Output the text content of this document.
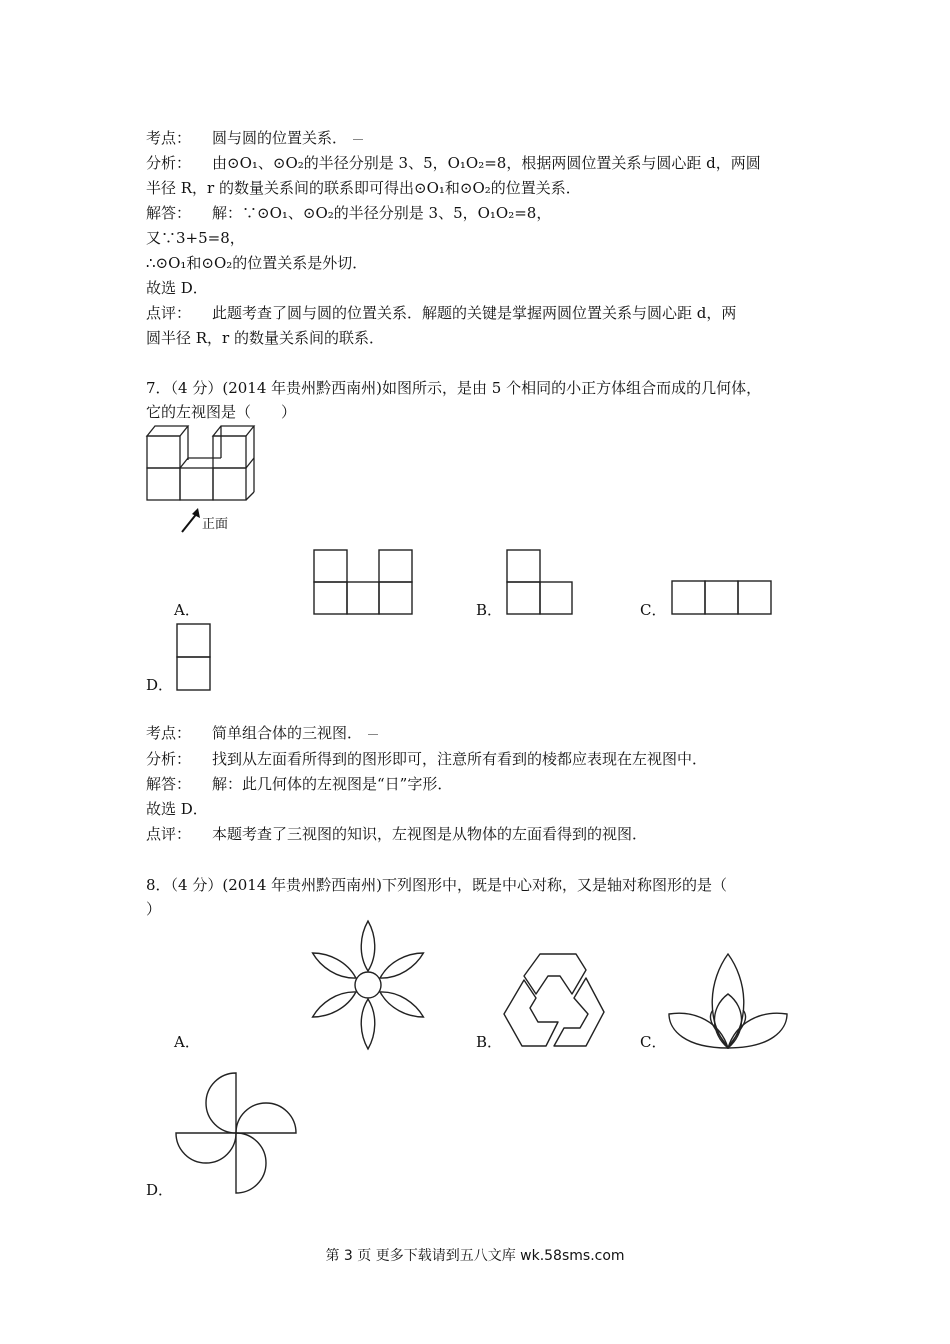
考点： 圆与圆的位置关系．
分析： 由⊙O₁、⊙O₂的半径分别是 3、5，O₁O₂=8，根据两圆位置关系与圆心距 d，两圆
半径 R，r 的数量关系间的联系即可得出⊙O₁和⊙O₂的位置关系．
解答： 解：∵⊙O₁、⊙O₂的半径分别是 3、5，O₁O₂=8，
又∵3+5=8，
∴⊙O₁和⊙O₂的位置关系是外切．
故选 D．
点评： 此题考查了圆与圆的位置关系．解题的关键是掌握两圆位置关系与圆心距 d，两
圆半径 R，r 的数量关系间的联系．
7．（4 分）(2014 年贵州黔西南州)如图所示，是由 5 个相同的小正方体组合而成的几何体，
它的左视图是（　　）
正面
A．	B．	C．
D．
考点： 简单组合体的三视图．
分析： 找到从左面看所得到的图形即可，注意所有看到的棱都应表现在左视图中．
解答： 解：此几何体的左视图是“日”字形．
故选 D．
点评： 本题考查了三视图的知识，左视图是从物体的左面看得到的视图．
8．（4 分）(2014 年贵州黔西南州)下列图形中，既是中心对称，又是轴对称图形的是（
）
A．	B．	C．
D．
第 3 页 更多下载请到五八文库 wk.58sms.com
